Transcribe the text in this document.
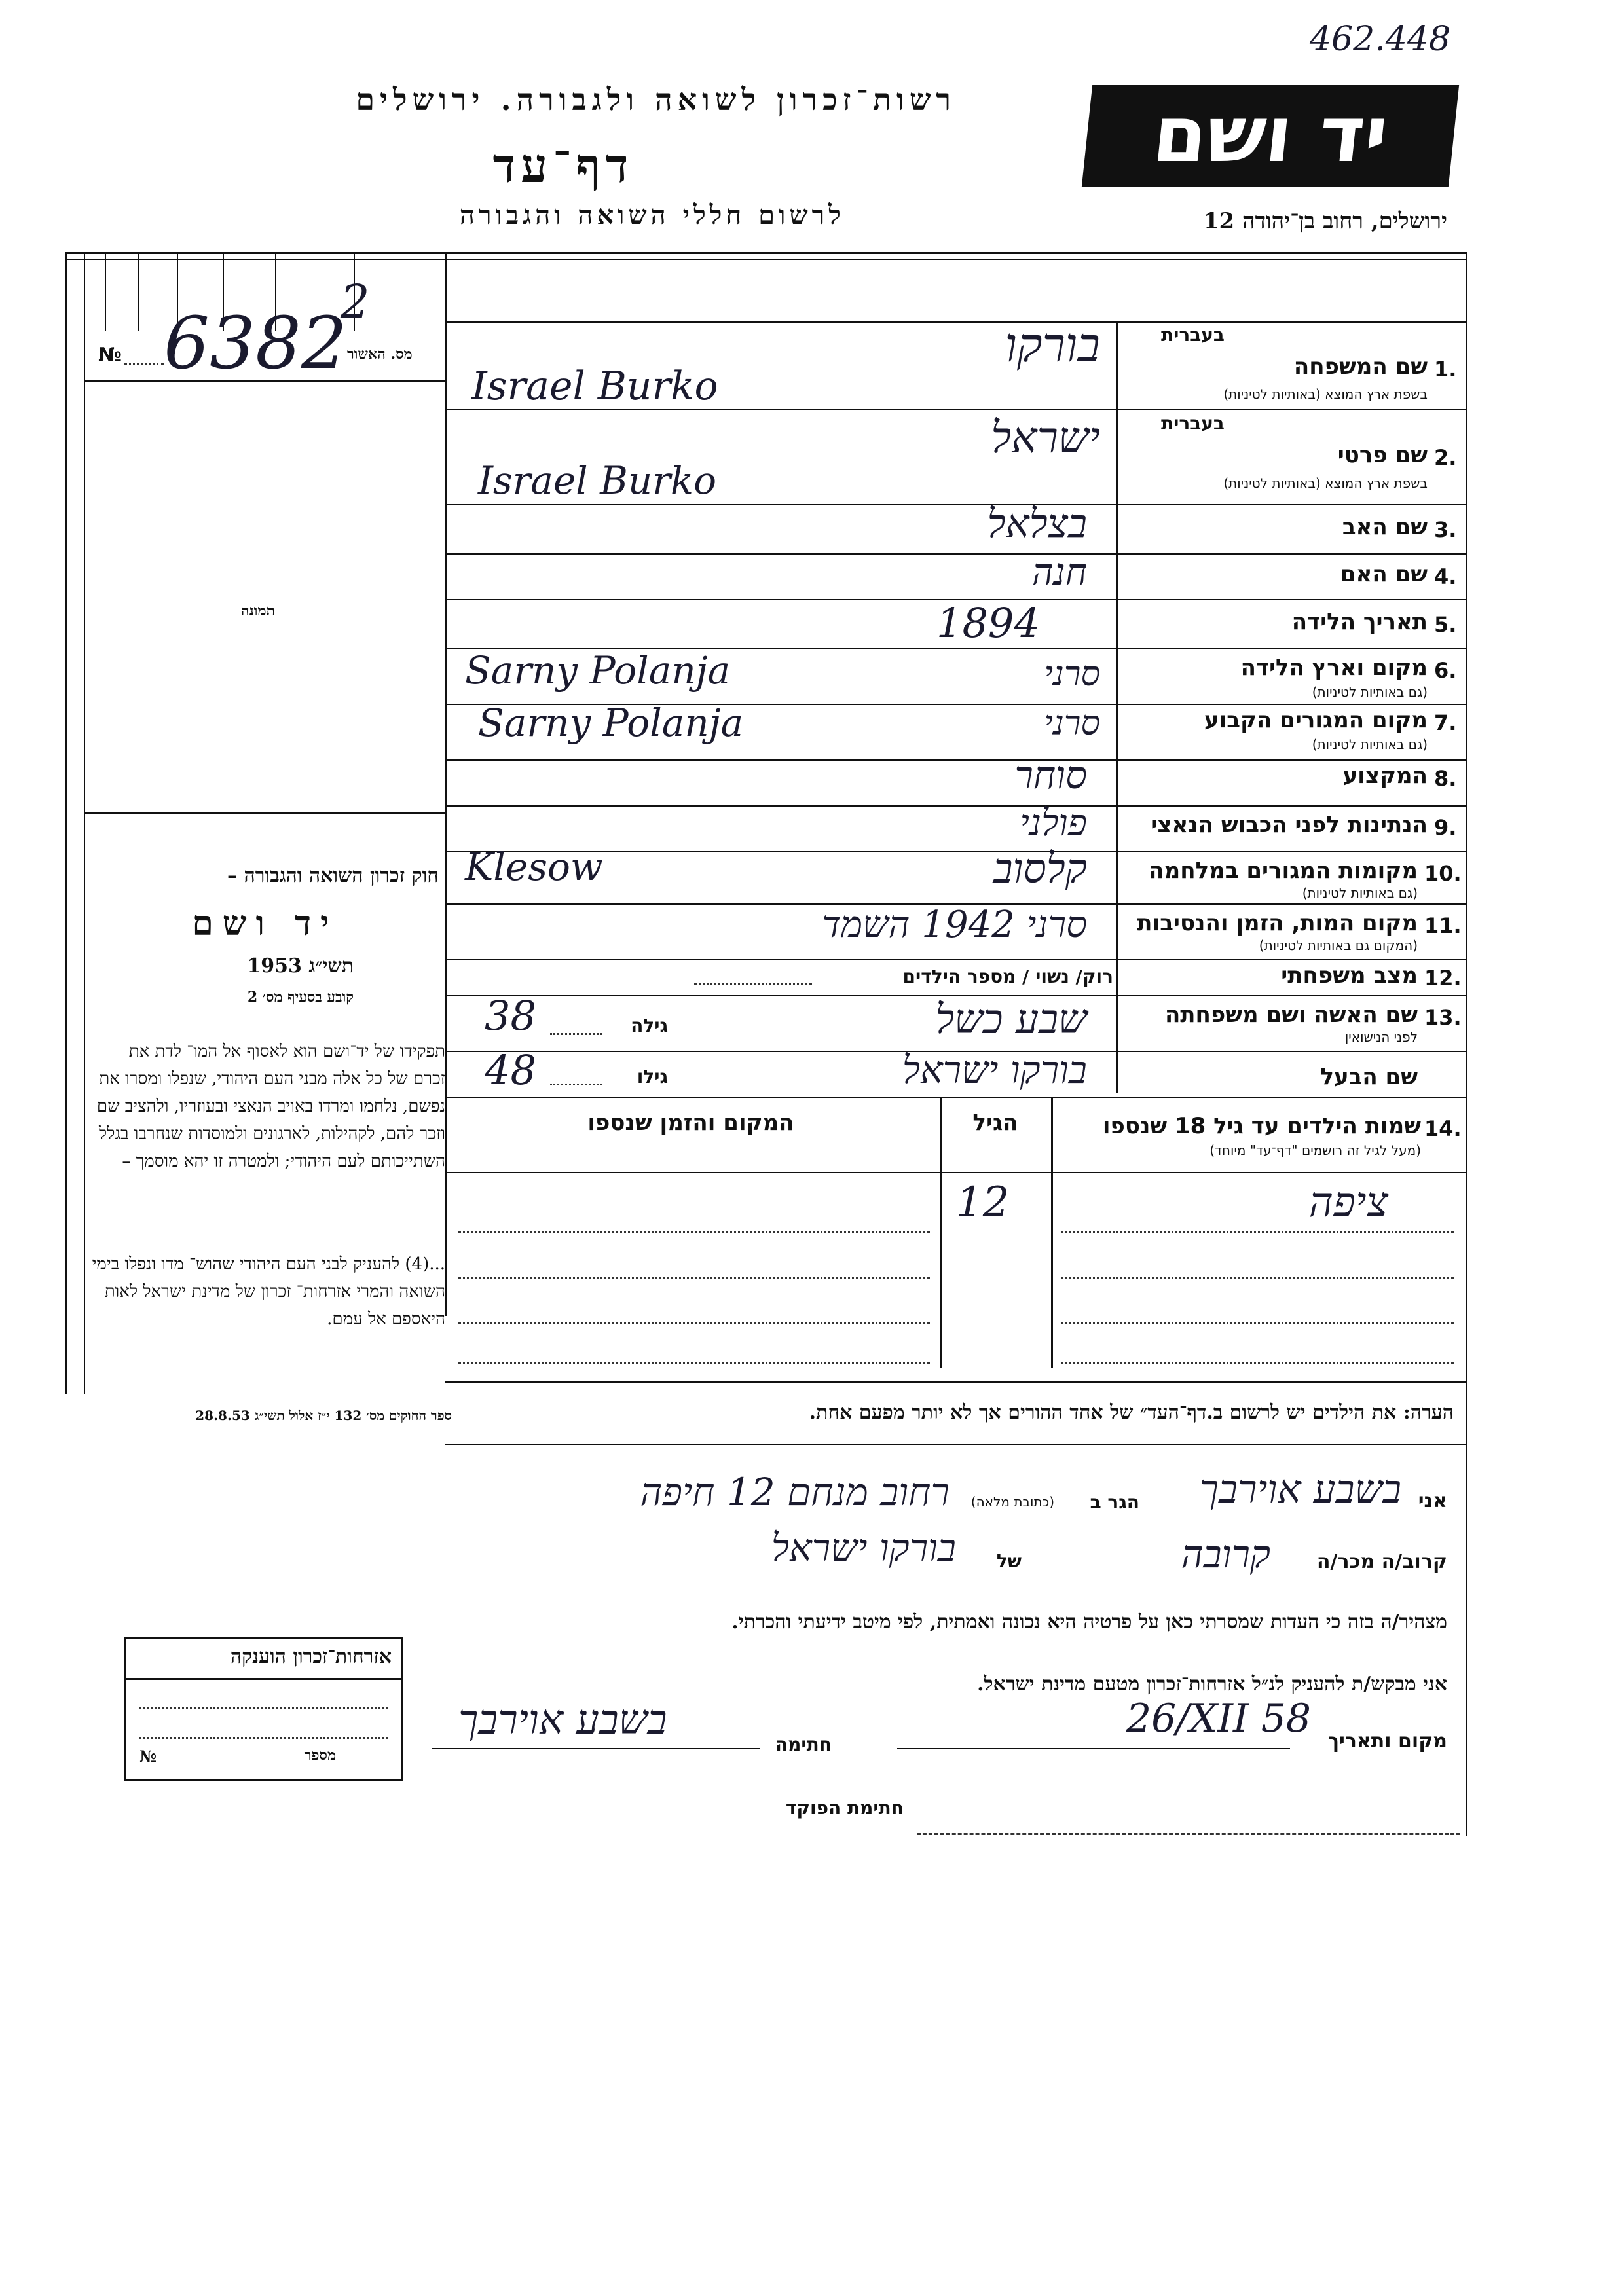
462.448
רשות־זכרון לשואה ולגבורה. ירושלים
דף־עד
לרשום חללי השואה והגבורה
יד ושם
ירושלים, רחוב בן־יהודה 12
№ 6382
2
מס. האשור
תמונה
חוק זכרון השואה והגבורה –
יד ושם
תשי״ג 1953
קובע בסעיף מס׳ 2
תפקידו של יד־ושם הוא לאסוף אל המו־ לדת את זכרם של כל אלה מבני העם היהודי, שנפלו ומסרו את נפשם, נלחמו ומרדו באויב הנאצי ובעוזריו, ולהציב שם וזכר להם, לקהילות, לארגונים ולמוסדות שנחרבו בגלל השתייכותם לעם היהודי; ולמטרה זו יהא מוסמך –
...(4) להעניק לבני העם היהודי שהוש־ מדו ונפלו בימי השואה והמרי אזרחות־ זכרון של מדינת ישראל לאות היאספם אל עמם.
ספר החוקים מס׳ 132 י״ז אלול תשי״ג 28.8.53
בעברית
1.
שם המשפחה
בשפת ארץ המוצא (באותיות לטיניות)
בורקו
Israel Burko
בעברית
2.
שם פרטי
בשפת ארץ המוצא (באותיות לטיניות)
ישראל
Israel Burko
3.
שם האב
בצלאל
4.
שם האם
חנה
5.
תאריך הלידה
1894
6.
מקום וארץ הלידה
(גם באותיות לטיניות)
סרני
Sarny Polanja
7.
מקום המגורים הקבוע
(גם באותיות לטיניות)
סרני
Sarny Polanja
8.
המקצוע
סוחר
9.
הנתינות לפני הכבוש הנאצי
פולני
10.
מקומות המגורים במלחמה
(גם באותיות לטיניות)
קלסוב
Klesow
11.
מקום המות, הזמן והנסיבות
(המקום גם באותיות לטיניות)
סרני 1942 השמד
12.
מצב משפחתי
רוק/ נשוי / מספר הילדים
13.
שם האשה ושם משפחתה
לפני הנישואין
שבע כשל
גילה
38
שם הבעל
בורקו ישראל
גילו
48
14.
שמות הילדים עד גיל 18 שנספו
(מעל לגיל זה רושמים "דף־עד" מיוחד)
הגיל
המקום והזמן שנספו
12	ציפה
הערה: את הילדים יש לרשום ב.דף־העד״ של אחד ההורים אך לא יותר מפעם אחת.
אני
בשבע אוירבך
הגר ב
(כתובת מלאה)
רחוב מנחם 12 חיפה
קרוב/ה מכר/ה
קרובה
של
בורקו ישראל
מצהיר/ה בזה כי העדות שמסרתי כאן על פרטיה היא נכונה ואמתית, לפי מיטב ידיעתי והכרתי.
אני מבקש/ת להעניק לנ״ל אזרחות־זכרון מטעם מדינת ישראל.
מקום ותאריך
26/XII 58
חתימה
בשבע אוירבך
חתימת הפוקד
אזרחות־זכרון הוענקה
מספר
№
